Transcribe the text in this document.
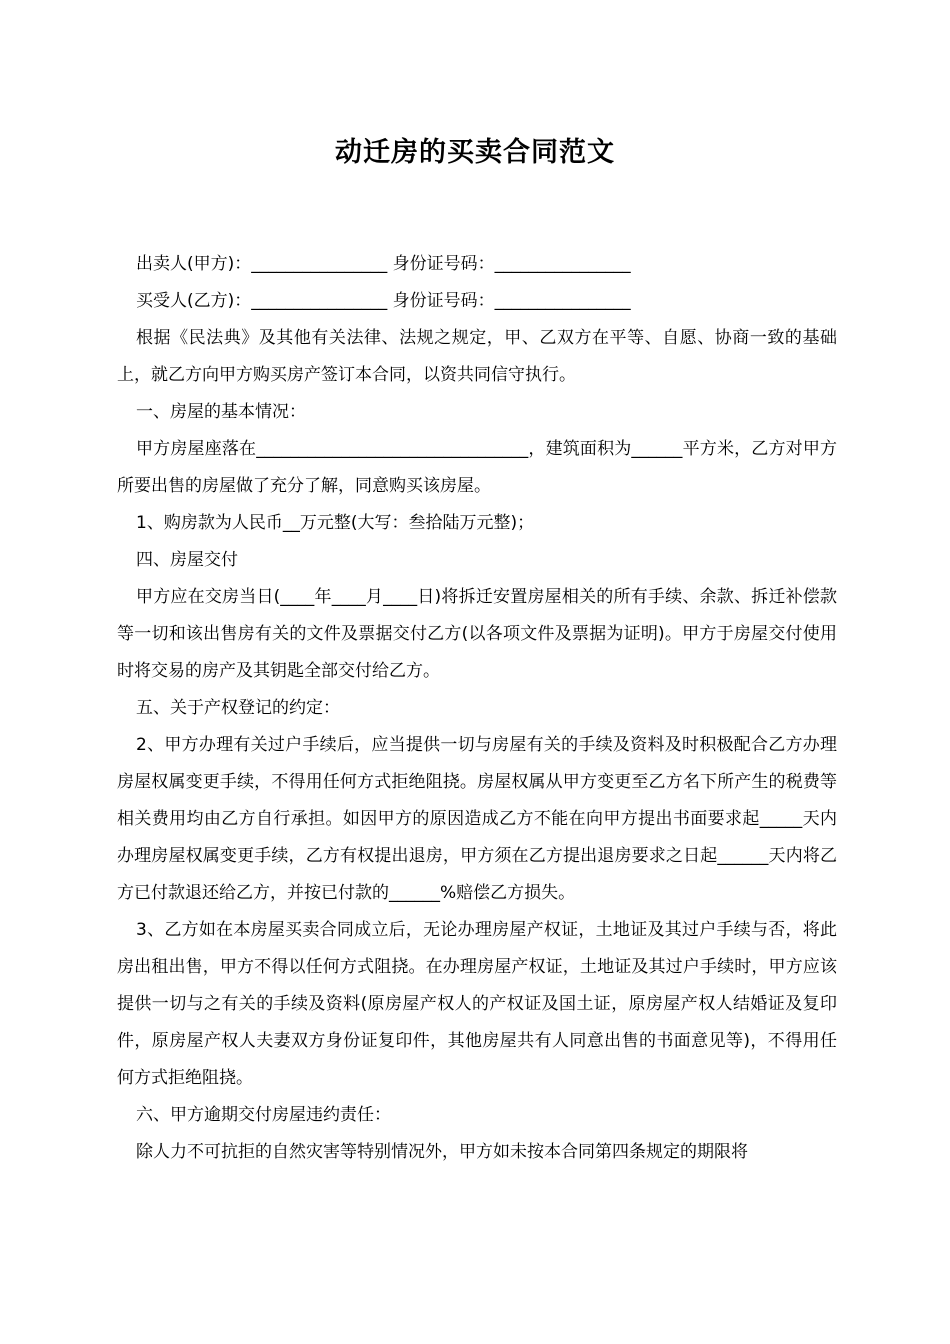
动迁房的买卖合同范文

出卖人(甲方)：________________ 身份证号码：________________

买受人(乙方)：________________ 身份证号码：________________

根据《民法典》及其他有关法律、法规之规定，甲、乙双方在平等、自愿、协商一致的基础上，就乙方向甲方购买房产签订本合同，以资共同信守执行。

一、房屋的基本情况：

甲方房屋座落在________________________________，建筑面积为______平方米，乙方对甲方所要出售的房屋做了充分了解，同意购买该房屋。

1、购房款为人民币__万元整(大写：叁拾陆万元整)；

四、房屋交付

甲方应在交房当日(____年____月____日)将拆迁安置房屋相关的所有手续、余款、拆迁补偿款等一切和该出售房有关的文件及票据交付乙方(以各项文件及票据为证明)。甲方于房屋交付使用时将交易的房产及其钥匙全部交付给乙方。

五、关于产权登记的约定：

2、甲方办理有关过户手续后，应当提供一切与房屋有关的手续及资料及时积极配合乙方办理房屋权属变更手续，不得用任何方式拒绝阻挠。房屋权属从甲方变更至乙方名下所产生的税费等相关费用均由乙方自行承担。如因甲方的原因造成乙方不能在向甲方提出书面要求起_____天内办理房屋权属变更手续，乙方有权提出退房，甲方须在乙方提出退房要求之日起______天内将乙方已付款退还给乙方，并按已付款的______%赔偿乙方损失。

3、乙方如在本房屋买卖合同成立后，无论办理房屋产权证，土地证及其过户手续与否，将此房出租出售，甲方不得以任何方式阻挠。在办理房屋产权证，土地证及其过户手续时，甲方应该提供一切与之有关的手续及资料(原房屋产权人的产权证及国土证，原房屋产权人结婚证及复印件，原房屋产权人夫妻双方身份证复印件，其他房屋共有人同意出售的书面意见等)，不得用任何方式拒绝阻挠。

六、甲方逾期交付房屋违约责任：

除人力不可抗拒的自然灾害等特别情况外，甲方如未按本合同第四条规定的期限将
